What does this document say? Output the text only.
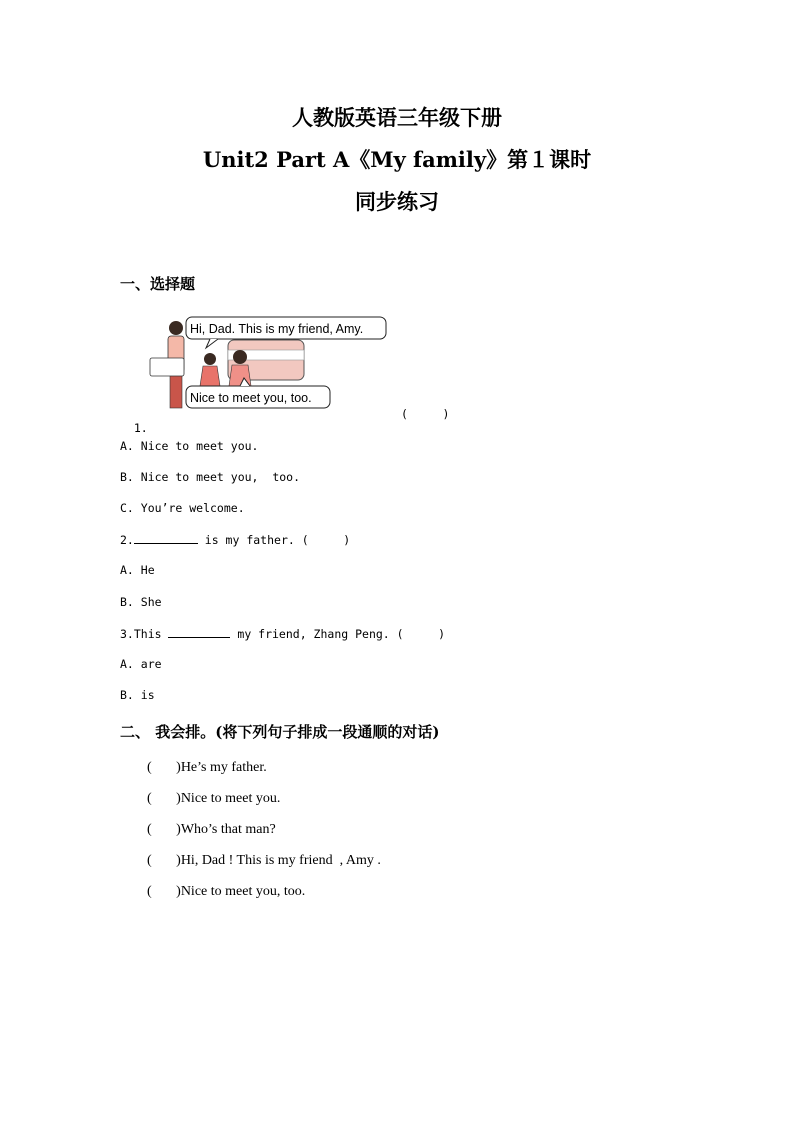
人教版英语三年级下册
Unit2 Part A《My family》第１课时
同步练习
一、选择题
Hi, Dad. This is my friend, Amy.
Nice to meet you, too.

1.

(     )
A. Nice to meet you.
B. Nice to meet you,  too.
C. You’re welcome.
2.	is my father. (     )
A. He
B. She
3.This	my friend, Zhang Peng. (     )
A. are
B. is
二、 我会排。(将下列句子排成一段通顺的对话)
(       )He’s my father.
(       )Nice to meet you.
(       )Who’s that man?
(       )Hi, Dad ! This is my friend  , Amy .
(       )Nice to meet you, too.
